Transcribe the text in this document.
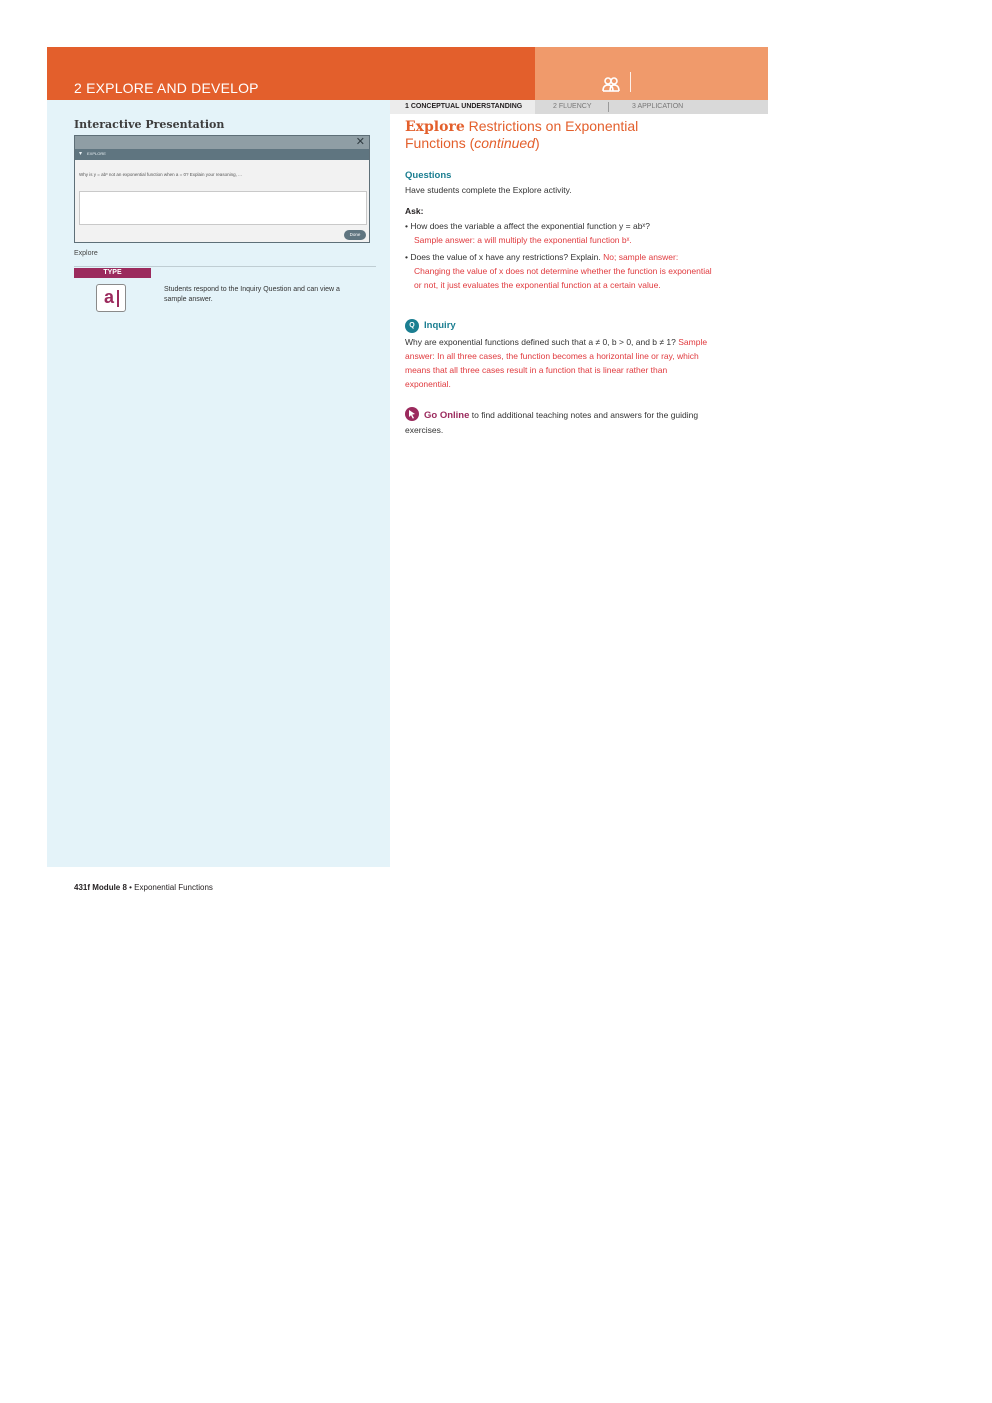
2 EXPLORE AND DEVELOP
1 CONCEPTUAL UNDERSTANDING	2 FLUENCY	3 APPLICATION
Interactive Presentation
✕
▾ EXPLORE
Why is y = abˣ not an exponential function when a = 0? Explain your reasoning, ...
Done
Explore
TYPE
a	Students respond to the Inquiry Question and can view a sample answer.
431f Module 8 • Exponential Functions
Explore Restrictions on Exponential
Functions (continued)
Questions
Have students complete the Explore activity.
Ask:
• How does the variable a affect the exponential function y = abˣ?
Sample answer: a will multiply the exponential function bˣ.
• Does the value of x have any restrictions? Explain. No; sample answer:
Changing the value of x does not determine whether the function is exponential or not, it just evaluates the exponential function at a certain value.
Q Inquiry
Why are exponential functions defined such that a ≠ 0, b > 0, and b ≠ 1? Sample answer: In all three cases, the function becomes a horizontal line or ray, which means that all three cases result in a function that is linear rather than exponential.
Go Online to find additional teaching notes and answers for the guiding exercises.
